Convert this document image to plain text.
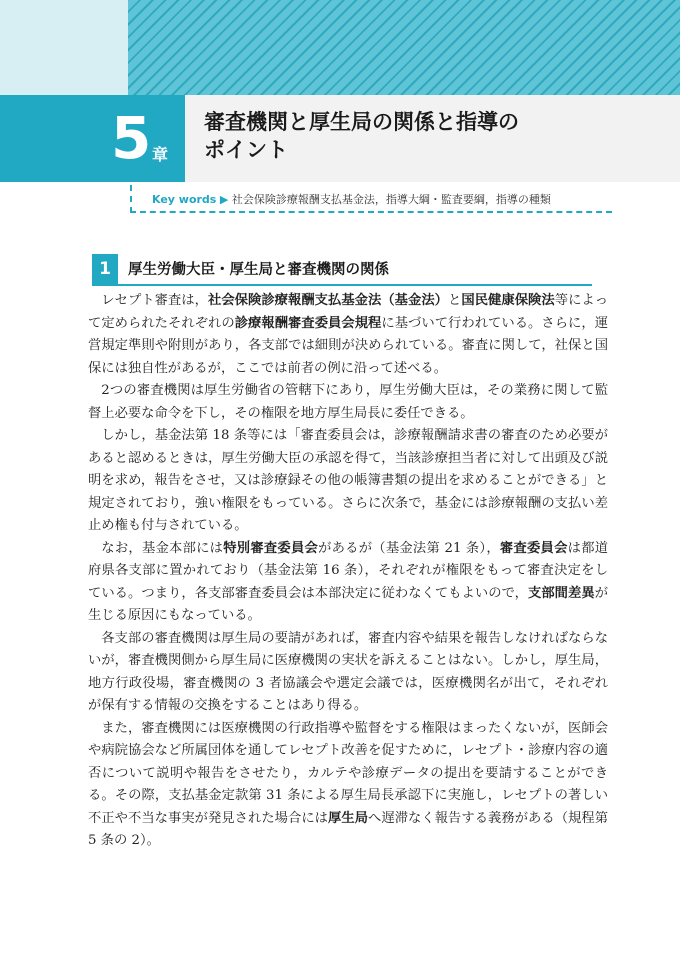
5 章
審査機関と厚生局の関係と指導の
ポイント
Key words ▶ 社会保険診療報酬支払基金法，指導大綱・監査要綱，指導の種類
1	厚生労働大臣・厚生局と審査機関の関係

レセプト審査は，社会保険診療報酬支払基金法（基金法）と国民健康保険法等によって定められたそれぞれの診療報酬審査委員会規程に基づいて行われている。さらに，運営規定準則や附則があり，各支部では細則が決められている。審査に関して，社保と国保には独自性があるが，ここでは前者の例に沿って述べる。

2つの審査機関は厚生労働省の管轄下にあり，厚生労働大臣は，その業務に関して監督上必要な命令を下し，その権限を地方厚生局長に委任できる。

しかし，基金法第 18 条等には「審査委員会は，診療報酬請求書の審査のため必要があると認めるときは，厚生労働大臣の承認を得て，当該診療担当者に対して出頭及び説明を求め，報告をさせ，又は診療録その他の帳簿書類の提出を求めることができる」と規定されており，強い権限をもっている。さらに次条で，基金には診療報酬の支払い差止め権も付与されている。

なお，基金本部には特別審査委員会があるが（基金法第 21 条），審査委員会は都道府県各支部に置かれており（基金法第 16 条），それぞれが権限をもって審査決定をしている。つまり，各支部審査委員会は本部決定に従わなくてもよいので，支部間差異が生じる原因にもなっている。

各支部の審査機関は厚生局の要請があれば，審査内容や結果を報告しなければならないが，審査機関側から厚生局に医療機関の実状を訴えることはない。しかし，厚生局，地方行政役場，審査機関の 3 者協議会や選定会議では，医療機関名が出て，それぞれが保有する情報の交換をすることはあり得る。

また，審査機関には医療機関の行政指導や監督をする権限はまったくないが，医師会や病院協会など所属団体を通してレセプト改善を促すために，レセプト・診療内容の適否について説明や報告をさせたり，カルテや診療データの提出を要請することができる。その際，支払基金定款第 31 条による厚生局長承認下に実施し，レセプトの著しい不正や不当な事実が発見された場合には厚生局へ遅滞なく報告する義務がある（規程第 5 条の 2）。
